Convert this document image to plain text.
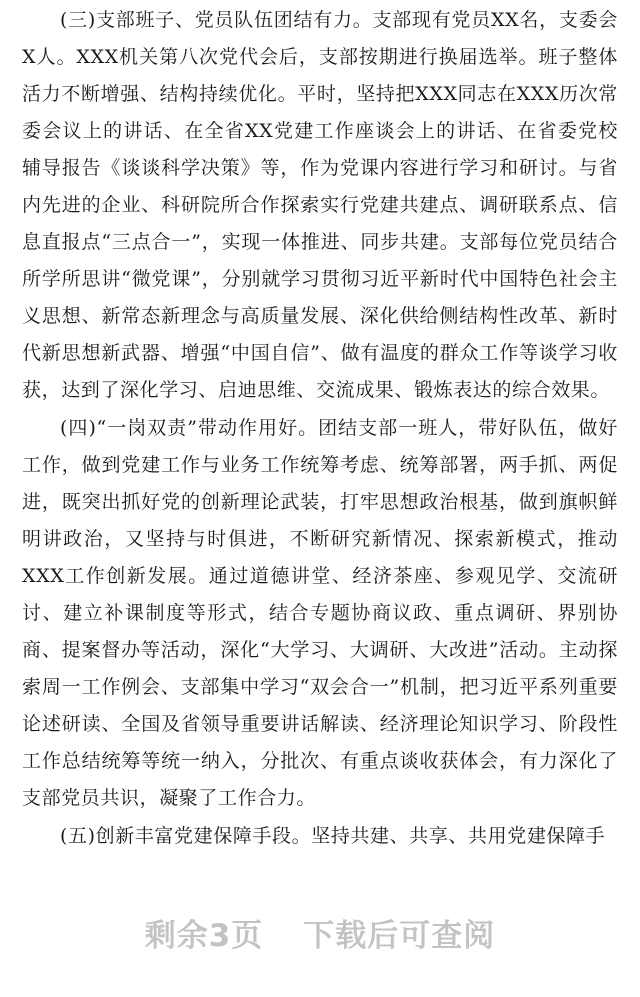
(三)支部班子、党员队伍团结有力。支部现有党员XX名，支委会X人。XXX机关第八次党代会后，支部按期进行换届选举。班子整体活力不断增强、结构持续优化。平时，坚持把XXX同志在XXX历次常委会议上的讲话、在全省XX党建工作座谈会上的讲话、在省委党校辅导报告《谈谈科学决策》等，作为党课内容进行学习和研讨。与省内先进的企业、科研院所合作探索实行党建共建点、调研联系点、信息直报点“三点合一”，实现一体推进、同步共建。支部每位党员结合所学所思讲“微党课”，分别就学习贯彻习近平新时代中国特色社会主义思想、新常态新理念与高质量发展、深化供给侧结构性改革、新时代新思想新武器、增强“中国自信”、做有温度的群众工作等谈学习收获，达到了深化学习、启迪思维、交流成果、锻炼表达的综合效果。

(四)“一岗双责”带动作用好。团结支部一班人，带好队伍，做好工作，做到党建工作与业务工作统筹考虑、统筹部署，两手抓、两促进，既突出抓好党的创新理论武装，打牢思想政治根基，做到旗帜鲜明讲政治，又坚持与时俱进，不断研究新情况、探索新模式，推动XXX工作创新发展。通过道德讲堂、经济茶座、参观见学、交流研讨、建立补课制度等形式，结合专题协商议政、重点调研、界别协商、提案督办等活动，深化“大学习、大调研、大改进”活动。主动探索周一工作例会、支部集中学习“双会合一”机制，把习近平系列重要论述研读、全国及省领导重要讲话解读、经济理论知识学习、阶段性工作总结统筹等统一纳入，分批次、有重点谈收获体会，有力深化了支部党员共识，凝聚了工作合力。

(五)创新丰富党建保障手段。坚持共建、共享、共用党建保障手

剩余3页 下载后可查阅
